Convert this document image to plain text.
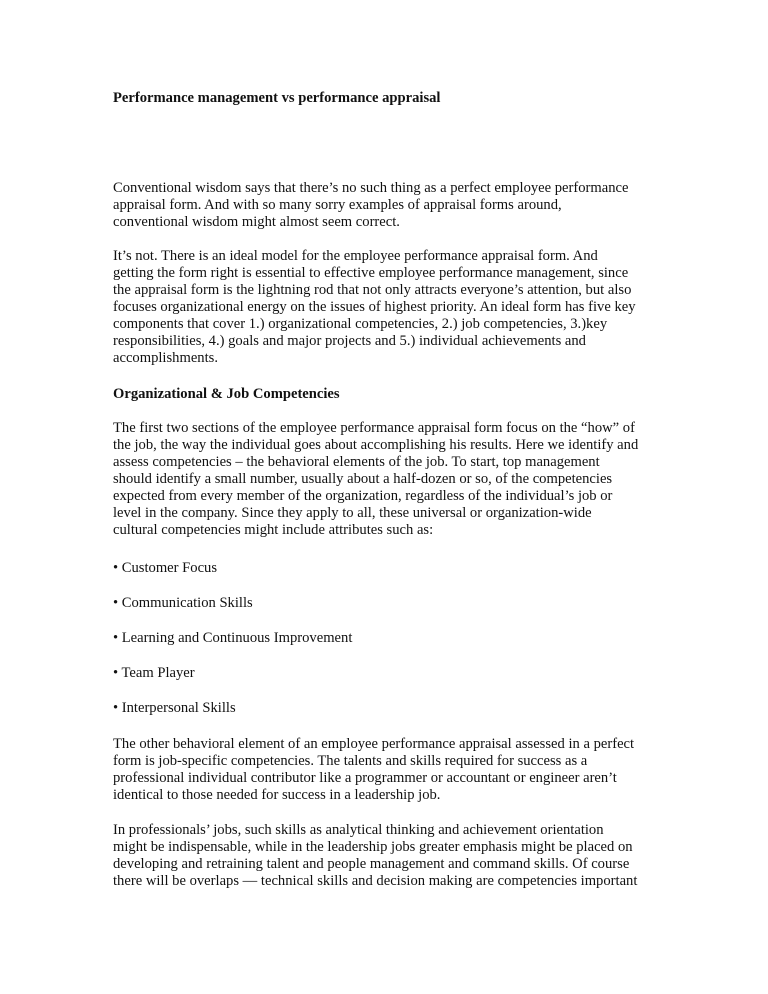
Performance management vs performance appraisal
Conventional wisdom says that there’s no such thing as a perfect employee performance
appraisal form. And with so many sorry examples of appraisal forms around,
conventional wisdom might almost seem correct.
It’s not. There is an ideal model for the employee performance appraisal form. And
getting the form right is essential to effective employee performance management, since
the appraisal form is the lightning rod that not only attracts everyone’s attention, but also
focuses organizational energy on the issues of highest priority. An ideal form has five key
components that cover 1.) organizational competencies, 2.) job competencies, 3.)key
responsibilities, 4.) goals and major projects and 5.) individual achievements and
accomplishments.
Organizational & Job Competencies
The first two sections of the employee performance appraisal form focus on the “how” of
the job, the way the individual goes about accomplishing his results. Here we identify and
assess competencies – the behavioral elements of the job. To start, top management
should identify a small number, usually about a half-dozen or so, of the competencies
expected from every member of the organization, regardless of the individual’s job or
level in the company. Since they apply to all, these universal or organization-wide
cultural competencies might include attributes such as:
• Customer Focus
• Communication Skills
• Learning and Continuous Improvement
• Team Player
• Interpersonal Skills
The other behavioral element of an employee performance appraisal assessed in a perfect
form is job-specific competencies. The talents and skills required for success as a
professional individual contributor like a programmer or accountant or engineer aren’t
identical to those needed for success in a leadership job.
In professionals’ jobs, such skills as analytical thinking and achievement orientation
might be indispensable, while in the leadership jobs greater emphasis might be placed on
developing and retraining talent and people management and command skills. Of course
there will be overlaps — technical skills and decision making are competencies important
